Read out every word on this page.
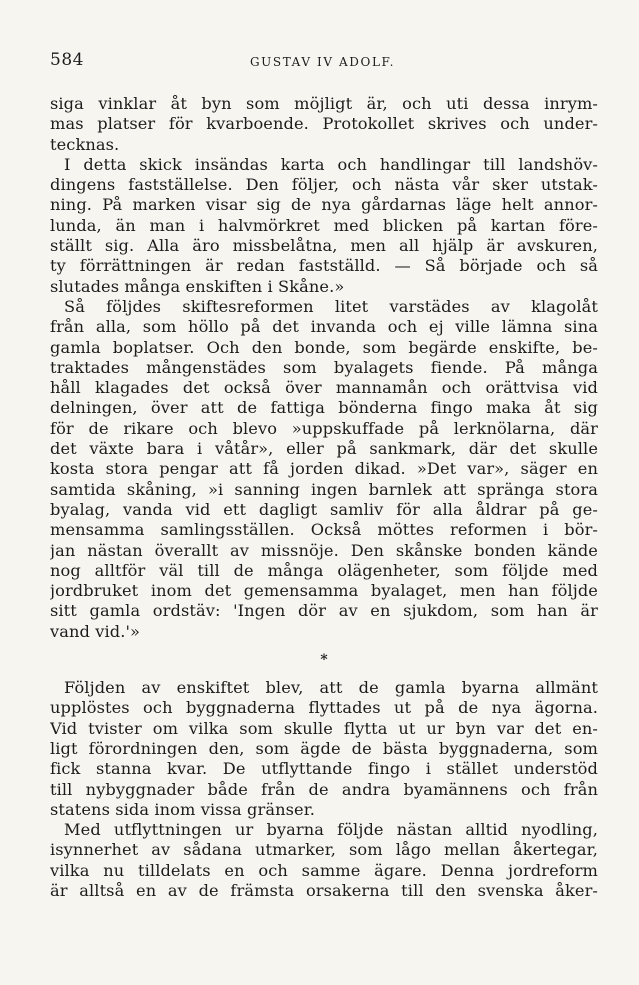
584	GUSTAV IV ADOLF.
siga vinklar åt byn som möjligt är, och uti dessa inrym-
mas platser för kvarboende. Protokollet skrives och under-
tecknas.
I detta skick insändas karta och handlingar till landshöv-
dingens fastställelse. Den följer, och nästa vår sker utstak-
ning. På marken visar sig de nya gårdarnas läge helt annor-
lunda, än man i halvmörkret med blicken på kartan före-
ställt sig. Alla äro missbelåtna, men all hjälp är avskuren,
ty förrättningen är redan fastställd. — Så började och så
slutades många enskiften i Skåne.»
Så följdes skiftesreformen litet varstädes av klagolåt
från alla, som höllo på det invanda och ej ville lämna sina
gamla boplatser. Och den bonde, som begärde enskifte, be-
traktades mångenstädes som byalagets fiende. På många
håll klagades det också över mannamån och orättvisa vid
delningen, över att de fattiga bönderna fingo maka åt sig
för de rikare och blevo »uppskuffade på lerknölarna, där
det växte bara i våtår», eller på sankmark, där det skulle
kosta stora pengar att få jorden dikad. »Det var», säger en
samtida skåning, »i sanning ingen barnlek att spränga stora
byalag, vanda vid ett dagligt samliv för alla åldrar på ge-
mensamma samlingsställen. Också möttes reformen i bör-
jan nästan överallt av missnöje. Den skånske bonden kände
nog alltför väl till de många olägenheter, som följde med
jordbruket inom det gemensamma byalaget, men han följde
sitt gamla ordstäv: 'Ingen dör av en sjukdom, som han är
vand vid.'»
*
Följden av enskiftet blev, att de gamla byarna allmänt
upplöstes och byggnaderna flyttades ut på de nya ägorna.
Vid tvister om vilka som skulle flytta ut ur byn var det en-
ligt förordningen den, som ägde de bästa byggnaderna, som
fick stanna kvar. De utflyttande fingo i stället understöd
till nybyggnader både från de andra byamännens och från
statens sida inom vissa gränser.
Med utflyttningen ur byarna följde nästan alltid nyodling,
isynnerhet av sådana utmarker, som lågo mellan åkertegar,
vilka nu tilldelats en och samme ägare. Denna jordreform
är alltså en av de främsta orsakerna till den svenska åker-
